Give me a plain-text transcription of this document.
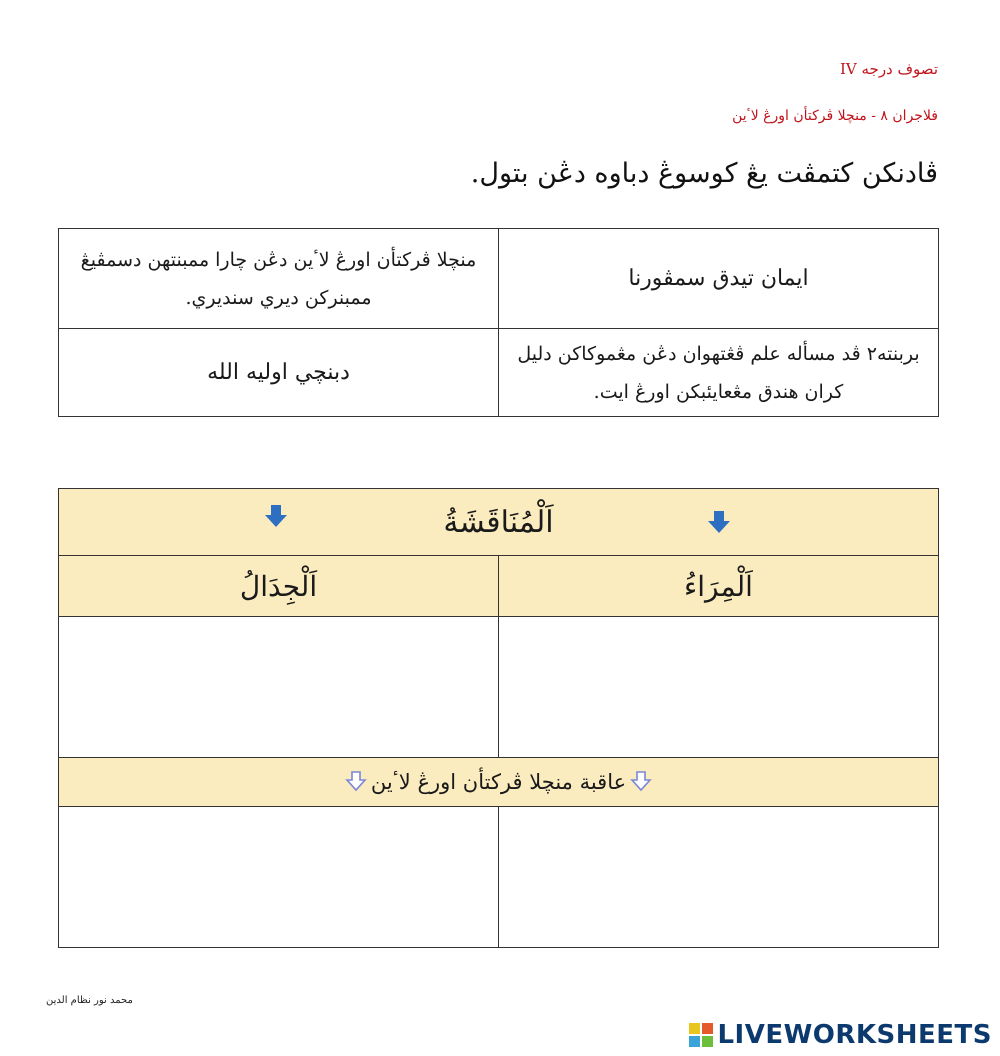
تصوف درجه IV
فلاجران ٨ - منچلا ڤركتأن اورڠ لاٴين
ڤادنكن كتمڤت يڠ كوسوڠ دباوه دڠن بتول.
ايمان تيدق سمڤورنا	منچلا ڤركتأن اورڠ لاٴين دڠن چارا ممبنتهن دسمڤيڠ ممبنركن ديري سنديري.
بربنته٢ ڤد مسأله علم ڤڠتهوان دڠن مڠموكاكن دليل كران هندق مڠعايئبكن اورڠ ايت.	دبنچي اوليه الله
اَلْمُنَاقَشَةُ	

اَلْمِرَاءُ	اَلْجِدَالُ

عاقبة منچلا ڤركتأن اورڠ لاٴين	

محمد نور نظام الدين
LIVEWORKSHEETS
